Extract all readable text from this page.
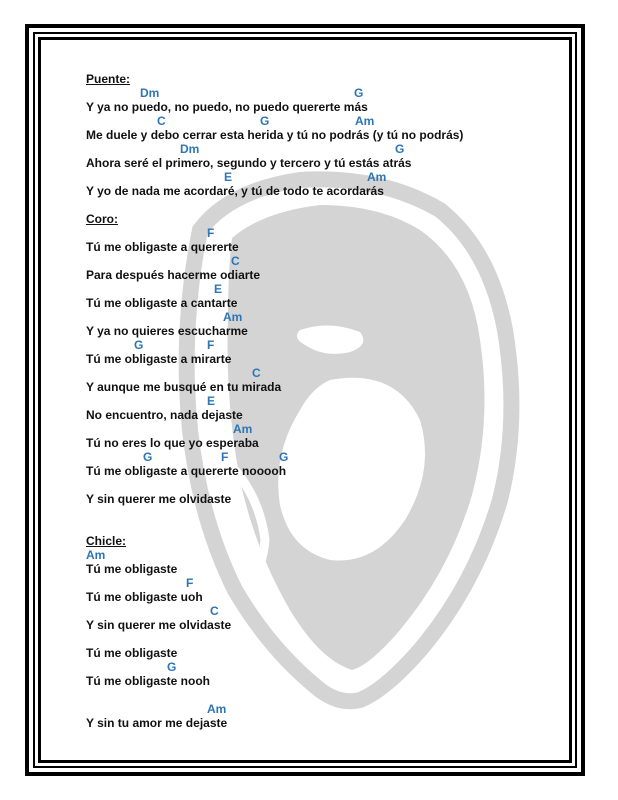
Puente:
Dm	G
Y ya no puedo, no puedo, no puedo quererte más
C	G	Am
Me duele y debo cerrar esta herida y tú no podrás (y tú no podrás)
Dm	G
Ahora seré el primero, segundo y tercero y tú estás atrás
E	Am
Y yo de nada me acordaré, y tú de todo te acordarás
Coro:
F
Tú me obligaste a quererte
C
Para después hacerme odiarte
E
Tú me obligaste a cantarte
Am
Y ya no quieres escucharme
G	F
Tú me obligaste a mirarte
C
Y aunque me busqué en tu mirada
E
No encuentro, nada dejaste
Am
Tú no eres lo que yo esperaba
G	F	G
Tú me obligaste a quererte nooooh
Y sin querer me olvidaste
Chicle:
Am
Tú me obligaste
F
Tú me obligaste uoh
C
Y sin querer me olvidaste
Tú me obligaste
G
Tú me obligaste nooh
Am
Y sin tu amor me dejaste
